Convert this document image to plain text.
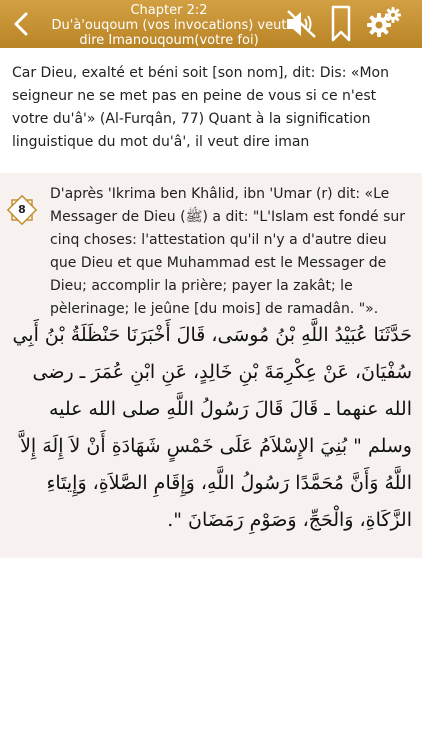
Chapter 2:2
Du'à'ouqoum (vos invocations) veut
dire Imanouqoum(votre foi)
Car Dieu, exalté et béni soit [son nom], dit: Dis: «Mon seigneur ne se met pas en peine de vous si ce n'est votre du'â'» (Al-Furqân, 77) Quant à la signification linguistique du mot du'â', il veut dire iman
8
D'après 'Ikrima ben Khâlid, ibn 'Umar (r) dit: «Le Messager de Dieu (ﷺ) a dit: "L'Islam est fondé sur cinq choses: l'attestation qu'il n'y a d'autre dieu que Dieu et que Muhammad est le Messager de Dieu; accomplir la prière; payer la zakât; le pèlerinage; le jeûne [du mois] de ramadân. "».
حَدَّثَنَا عُبَيْدُ اللَّهِ بْنُ مُوسَى، قَالَ أَخْبَرَنَا حَنْظَلَةُ بْنُ أَبِي سُفْيَانَ، عَنْ عِكْرِمَةَ بْنِ خَالِدٍ، عَنِ ابْنِ عُمَرَ ـ رضى الله عنهما ـ قَالَ قَالَ رَسُولُ اللَّهِ صلى الله عليه وسلم " بُنِيَ الإِسْلاَمُ عَلَى خَمْسٍ شَهَادَةِ أَنْ لاَ إِلَهَ إِلاَّ اللَّهُ وَأَنَّ مُحَمَّدًا رَسُولُ اللَّهِ، وَإِقَامِ الصَّلاَةِ، وَإِيتَاءِ الزَّكَاةِ، وَالْحَجِّ، وَصَوْمِ رَمَضَانَ ".
